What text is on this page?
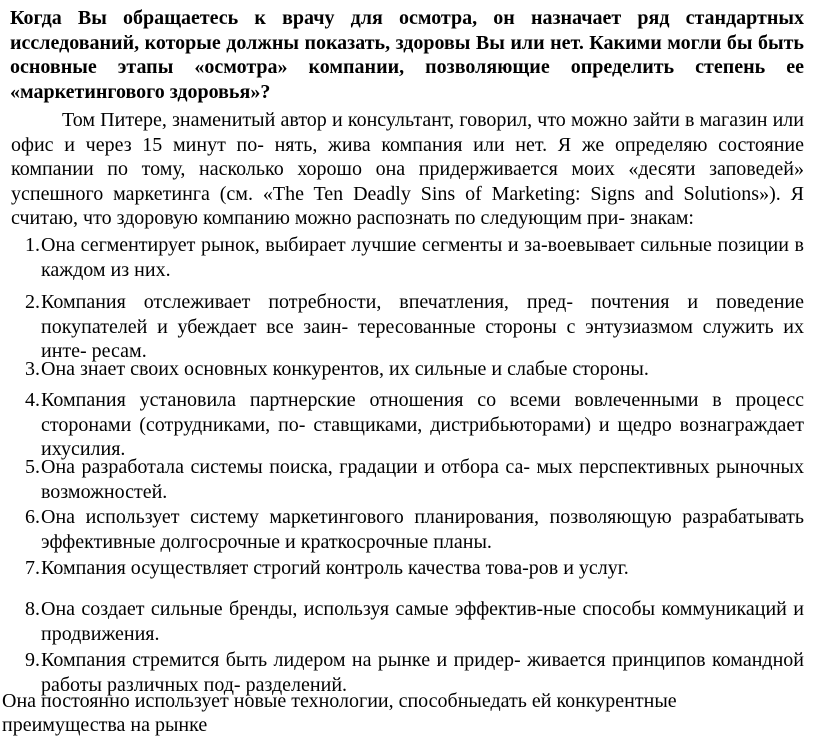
Когда Вы обращаетесь к врачу для осмотра, он назначает ряд стандартных исследований, которые должны показать, здоровы Вы или нет. Какими могли бы быть основные этапы «осмотра» компании, позволяющие определить степень ее «маркетингового здоровья»?

Том Питере, знаменитый автор и консультант, говорил, что можно зайти в магазин или офис и через 15 минут по- нять, жива компания или нет. Я же определяю состояние компании по тому, насколько хорошо она придерживается моих «десяти заповедей» успешного маркетинга (см. «The Ten Deadly Sins of Marketing: Signs and Solutions»). Я считаю, что здоровую компанию можно распознать по следующим при- знакам:

1. Она сегментирует рынок, выбирает лучшие сегменты и за-воевывает сильные позиции в каждом из них.
2. Компания отслеживает потребности, впечатления, пред- почтения и поведение покупателей и убеждает все заин- тересованные стороны с энтузиазмом служить их инте- ресам.
3. Она знает своих основных конкурентов, их сильные и слабые стороны.
4. Компания установила партнерские отношения со всеми вовлеченными в процесс сторонами (сотрудниками, по- ставщиками, дистрибьюторами) и щедро вознаграждает ихусилия.
5. Она разработала системы поиска, градации и отбора са- мых перспективных рыночных возможностей.
6. Она использует систему маркетингового планирования, позволяющую разрабатывать эффективные долгосрочные и краткосрочные планы.
7. Компания осуществляет строгий контроль качества това-ров и услуг.
8. Она создает сильные бренды, используя самые эффектив-ные способы коммуникаций и продвижения.
9. Компания стремится быть лидером на рынке и придер- живается принципов командной работы различных под- разделений.

Она постоянно использует новые технологии, способныедать ей конкурентные преимущества на рынке
